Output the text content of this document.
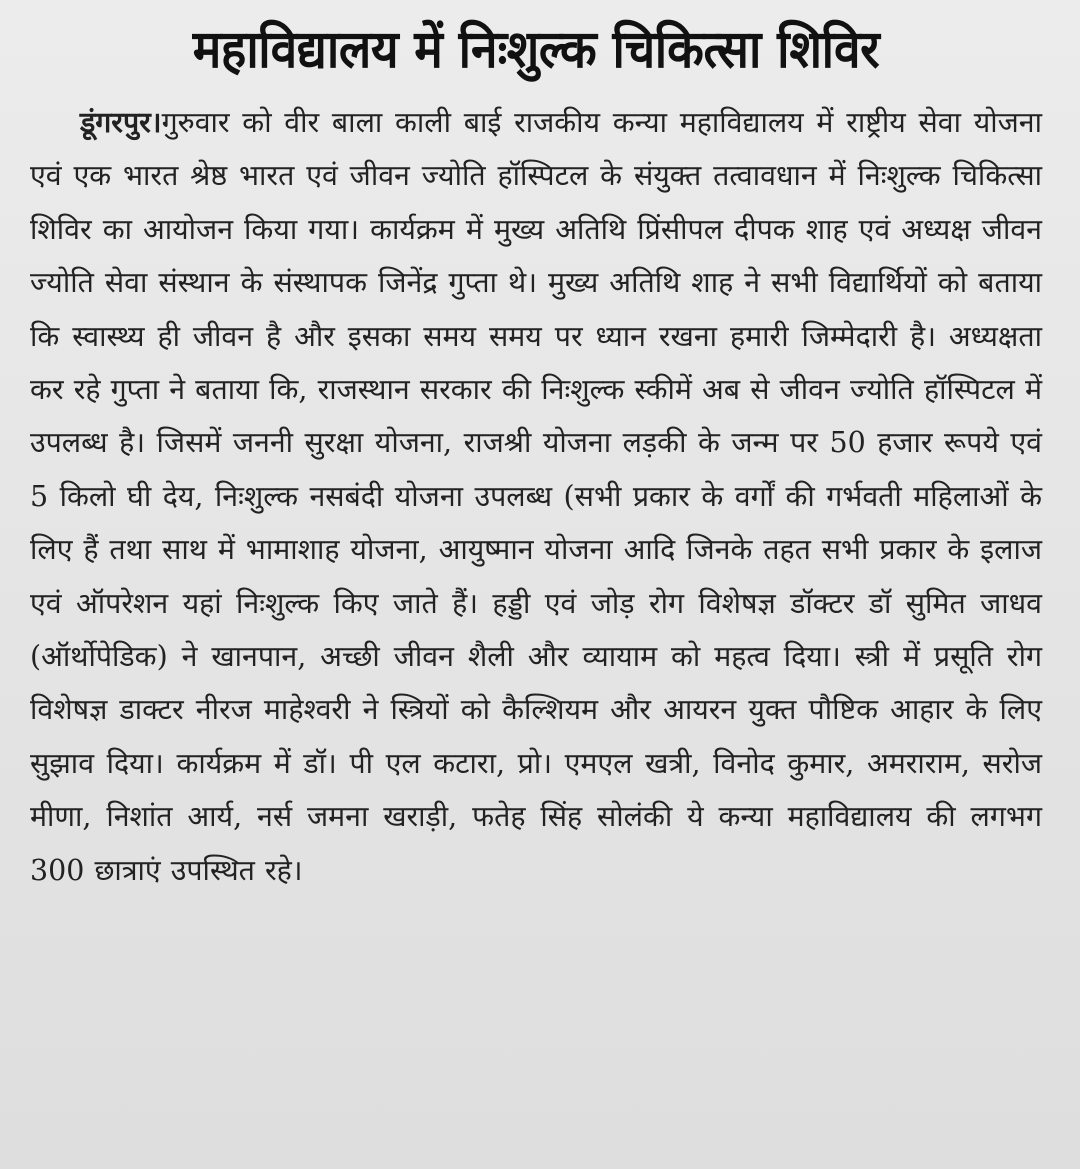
महाविद्यालय में निःशुल्क चिकित्सा शिविर

डूंगरपुर।गुरुवार को वीर बाला काली बाई राजकीय कन्या महाविद्यालय में राष्ट्रीय सेवा योजना एवं एक भारत श्रेष्ठ भारत एवं जीवन ज्योति हॉस्पिटल के संयुक्त तत्वावधान में निःशुल्क चिकित्सा शिविर का आयोजन किया गया। कार्यक्रम में मुख्य अतिथि प्रिंसीपल दीपक शाह एवं अध्यक्ष जीवन ज्योति सेवा संस्थान के संस्थापक जिनेंद्र गुप्ता थे। मुख्य अतिथि शाह ने सभी विद्यार्थियों को बताया कि स्वास्थ्य ही जीवन है और इसका समय समय पर ध्यान रखना हमारी जिम्मेदारी है। अध्यक्षता कर रहे गुप्ता ने बताया कि, राजस्थान सरकार की निःशुल्क स्कीमें अब से जीवन ज्योति हॉस्पिटल में उपलब्ध है। जिसमें जननी सुरक्षा योजना, राजश्री योजना लड़की के जन्म पर 50 हजार रूपये एवं 5 किलो घी देय, निःशुल्क नसबंदी योजना उपलब्ध (सभी प्रकार के वर्गों की गर्भवती महिलाओं के लिए हैं तथा साथ में भामाशाह योजना, आयुष्मान योजना आदि जिनके तहत सभी प्रकार के इलाज एवं ऑपरेशन यहां निःशुल्क किए जाते हैं। हड्डी एवं जोड़ रोग विशेषज्ञ डॉक्टर डॉ सुमित जाधव (ऑर्थोपेडिक) ने खानपान, अच्छी जीवन शैली और व्यायाम को महत्व दिया। स्त्री में प्रसूति रोग विशेषज्ञ डाक्टर नीरज माहेश्वरी ने स्त्रियों को कैल्शियम और आयरन युक्त पौष्टिक आहार के लिए सुझाव दिया। कार्यक्रम में डॉ। पी एल कटारा, प्रो। एमएल खत्री, विनोद कुमार, अमराराम, सरोज मीणा, निशांत आर्य, नर्स जमना खराड़ी, फतेह सिंह सोलंकी ये कन्या महाविद्यालय की लगभग 300 छात्राएं उपस्थित रहे।
